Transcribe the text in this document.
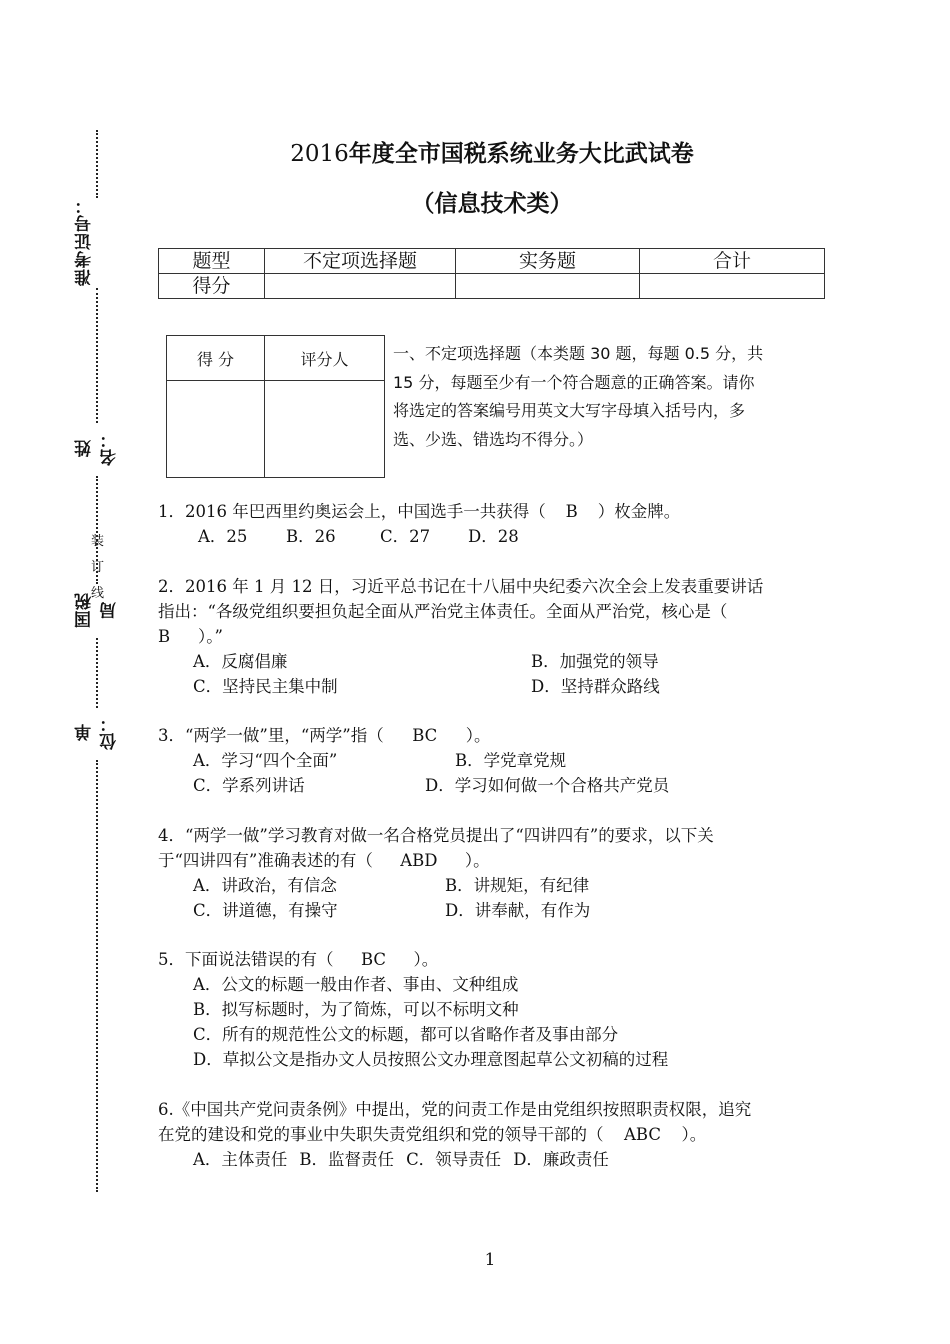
准考证号：
姓名：
国税局
单位：
装
订
线
2016年度全市国税系统业务大比武试卷
（信息技术类）
题型	不定项选择题	实务题	合计
得分			
得 分	评分人
		一、不定项选择题（本类题 30 题，每题 0.5 分，共
15 分，每题至少有一个符合题意的正确答案。请你
将选定的答案编号用英文大写字母填入括号内，多
选、少选、错选均不得分。）

1．2016 年巴西里约奥运会上，中国选手一共获得（ B ）枚金牌。

A．25 B．26	C．27 D．28

2．2016 年 1 月 12 日，习近平总书记在十八届中央纪委六次全会上发表重要讲话

指出：“各级党组织要担负起全面从严治党主体责任。全面从严治党，核心是（

B ）。”

A．反腐倡廉	B．加强党的领导

C．坚持民主集中制	D．坚持群众路线

3．“两学一做”里，“两学”指（ BC ）。

A．学习“四个全面”	B．学党章党规

C．学系列讲话	D．学习如何做一个合格共产党员

4．“两学一做”学习教育对做一名合格党员提出了“四讲四有”的要求，以下关

于“四讲四有”准确表述的有（ ABD ）。

A．讲政治，有信念	B．讲规矩，有纪律

C．讲道德，有操守	D．讲奉献，有作为

5．下面说法错误的有（ BC ）。

A．公文的标题一般由作者、事由、文种组成

B．拟写标题时，为了简炼，可以不标明文种

C．所有的规范性公文的标题，都可以省略作者及事由部分

D．草拟公文是指办文人员按照公文办理意图起草公文初稿的过程

6.《中国共产党问责条例》中提出，党的问责工作是由党组织按照职责权限，追究

在党的建设和党的事业中失职失责党组织和党的领导干部的（ ABC ）。

A．主体责任 B．监督责任 C．领导责任 D．廉政责任

1
